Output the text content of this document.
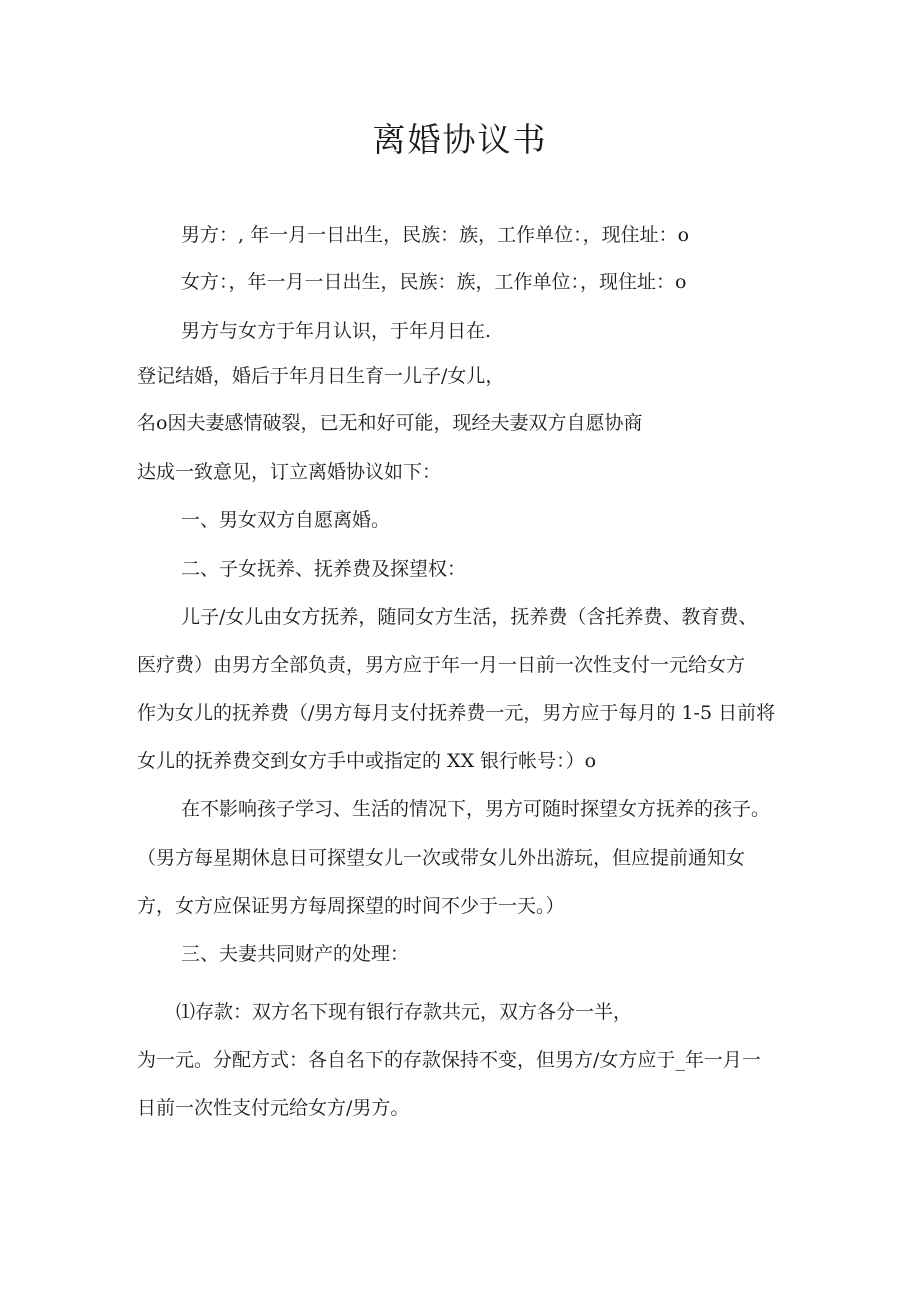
离婚协议书
男方：, 年一月一日出生，民族：族，工作单位：，现住址：o
女方：，年一月一日出生，民族：族，工作单位：，现住址：o
男方与女方于年月认识，于年月日在.
登记结婚，婚后于年月日生育一儿子/女儿，
名o因夫妻感情破裂，已无和好可能，现经夫妻双方自愿协商
达成一致意见，订立离婚协议如下：
一、男女双方自愿离婚。
二、子女抚养、抚养费及探望权：
儿子/女儿由女方抚养，随同女方生活，抚养费（含托养费、教育费、
医疗费）由男方全部负责，男方应于年一月一日前一次性支付一元给女方
作为女儿的抚养费（/男方每月支付抚养费一元，男方应于每月的 1-5 日前将
女儿的抚养费交到女方手中或指定的 XX 银行帐号：）o
在不影响孩子学习、生活的情况下，男方可随时探望女方抚养的孩子。
（男方每星期休息日可探望女儿一次或带女儿外出游玩，但应提前通知女
方，女方应保证男方每周探望的时间不少于一天。）
三、夫妻共同财产的处理：
⑴存款：双方名下现有银行存款共元，双方各分一半，
为一元。分配方式：各自名下的存款保持不变，但男方/女方应于_年一月一
日前一次性支付元给女方/男方。
